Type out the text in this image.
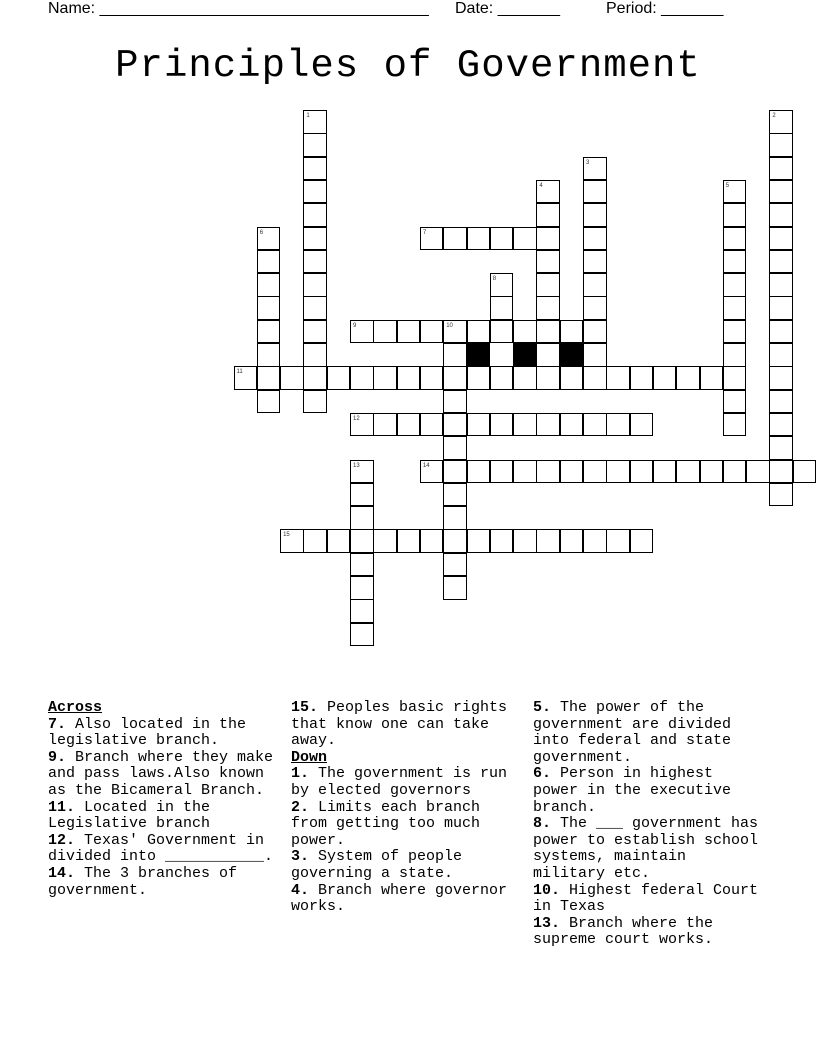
Name: _____________________________________

Date: _______

	Period: _______

Principles of Government
1	2
3
4	5
6	7
8
9	10
11
12
13	14
15

Across

7. Also located in the legislative branch.

9. Branch where they make and pass laws.Also known as the Bicameral Branch.

11. Located in the Legislative branch

12. Texas' Government in divided into ___________.

14. The 3 branches of government.

15. Peoples basic rights that know one can take away.

Down

1. The government is run by elected governors

2. Limits each branch from getting too much power.

3. System of people governing a state.

4. Branch where governor works.

5. The power of the government are divided into federal and state government.

6. Person in highest power in the executive branch.

8. The ___ government has power to establish school systems, maintain military etc.

10. Highest federal Court in Texas

13. Branch where the supreme court works.
